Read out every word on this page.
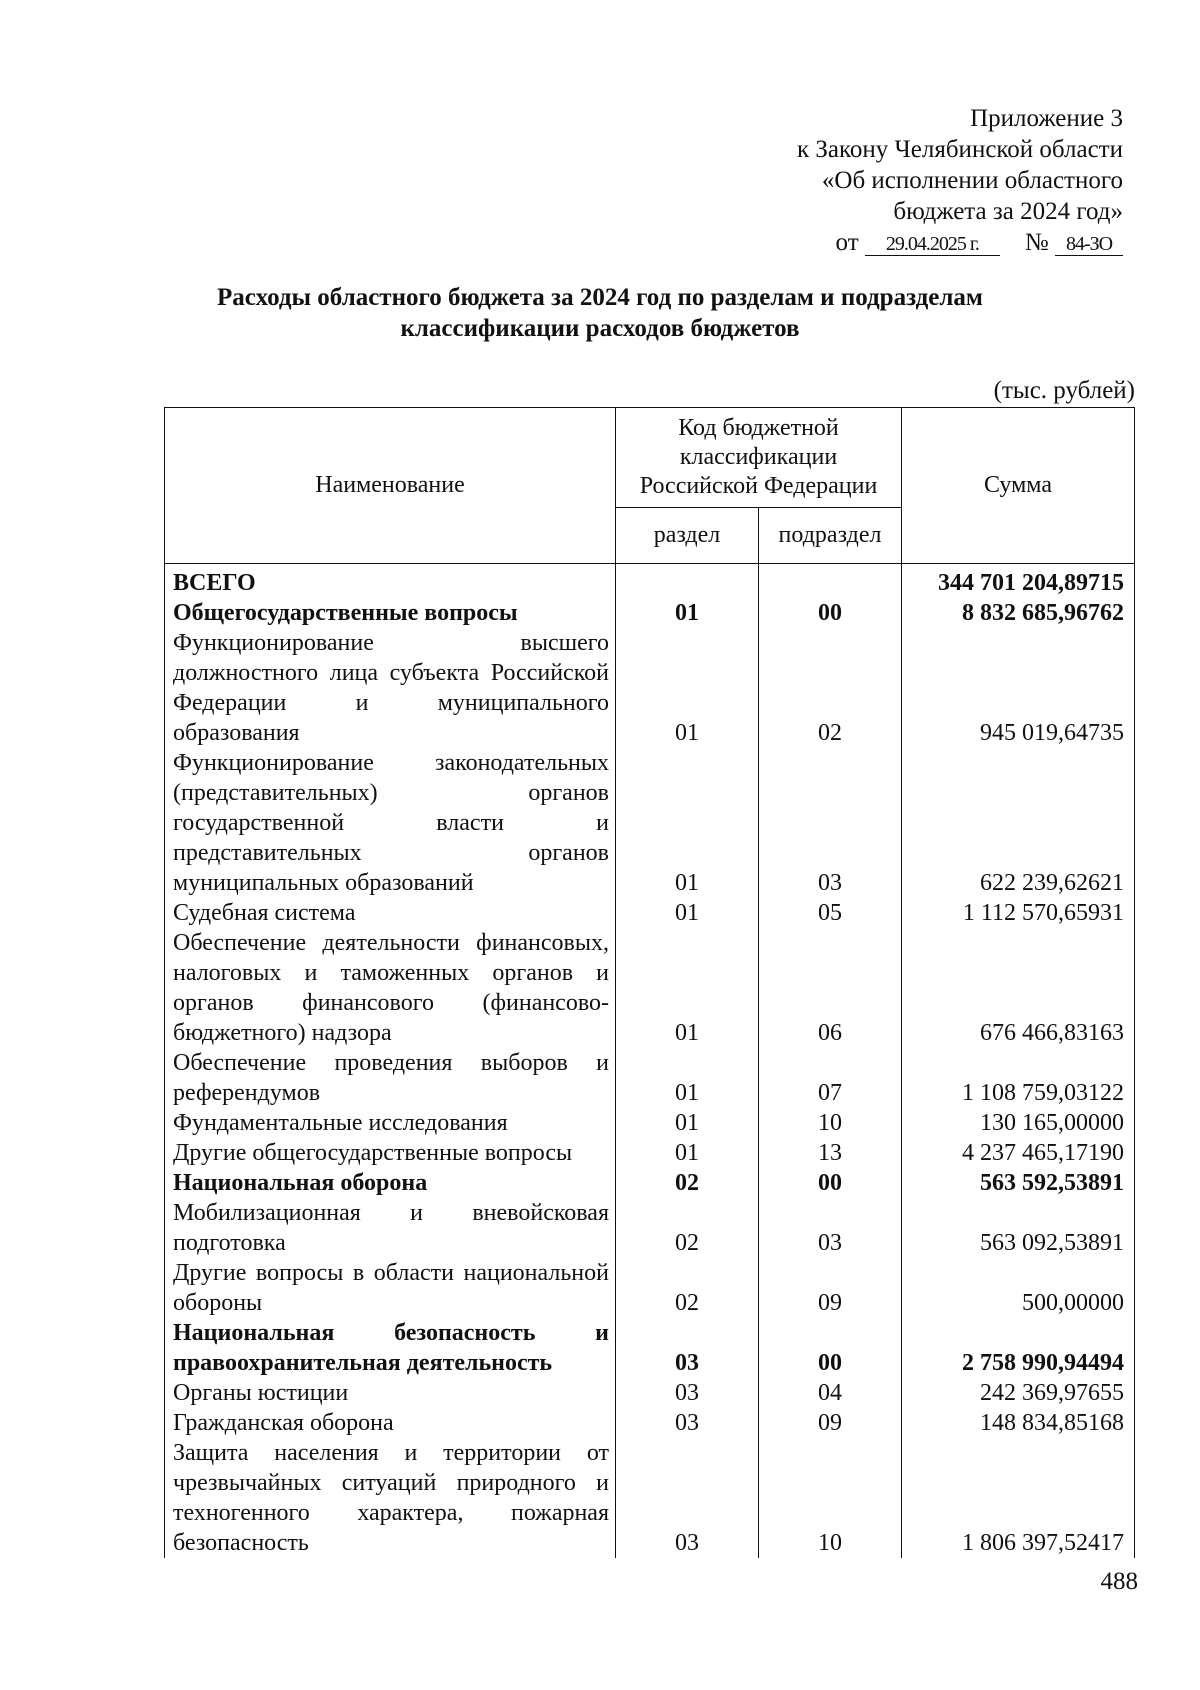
Приложение 3
к Закону Челябинской области
«Об исполнении областного
бюджета за 2024 год»
от 29.04.2025 г. № 84-ЗО
Расходы областного бюджета за 2024 год по разделам и подразделам
классификации расходов бюджетов
(тыс. рублей)
Наименование	Код бюджетной классификации Российской Федерации		Сумма
	раздел	подраздел	
ВСЕГО			344 701 204,89715
Общегосударственные вопросы	01	00	8 832 685,96762
Функционирование высшего должностного лица субъекта Российской Федерации и муниципального образования	01	02	945 019,64735
Функционирование законодательных (представительных) органов государственной власти и представительных органов муниципальных образований	01	03	622 239,62621
Судебная система	01	05	1 112 570,65931
Обеспечение деятельности финансовых, налоговых и таможенных органов и органов финансового (финансово-бюджетного) надзора	01	06	676 466,83163
Обеспечение проведения выборов и референдумов	01	07	1 108 759,03122
Фундаментальные исследования	01	10	130 165,00000
Другие общегосударственные вопросы	01	13	4 237 465,17190
Национальная оборона	02	00	563 592,53891
Мобилизационная и вневойсковая подготовка	02	03	563 092,53891
Другие вопросы в области национальной обороны	02	09	500,00000
Национальная безопасность и правоохранительная деятельность	03	00	2 758 990,94494
Органы юстиции	03	04	242 369,97655
Гражданская оборона	03	09	148 834,85168
Защита населения и территории от чрезвычайных ситуаций природного и техногенного характера, пожарная безопасность	03	10	1 806 397,52417
488
